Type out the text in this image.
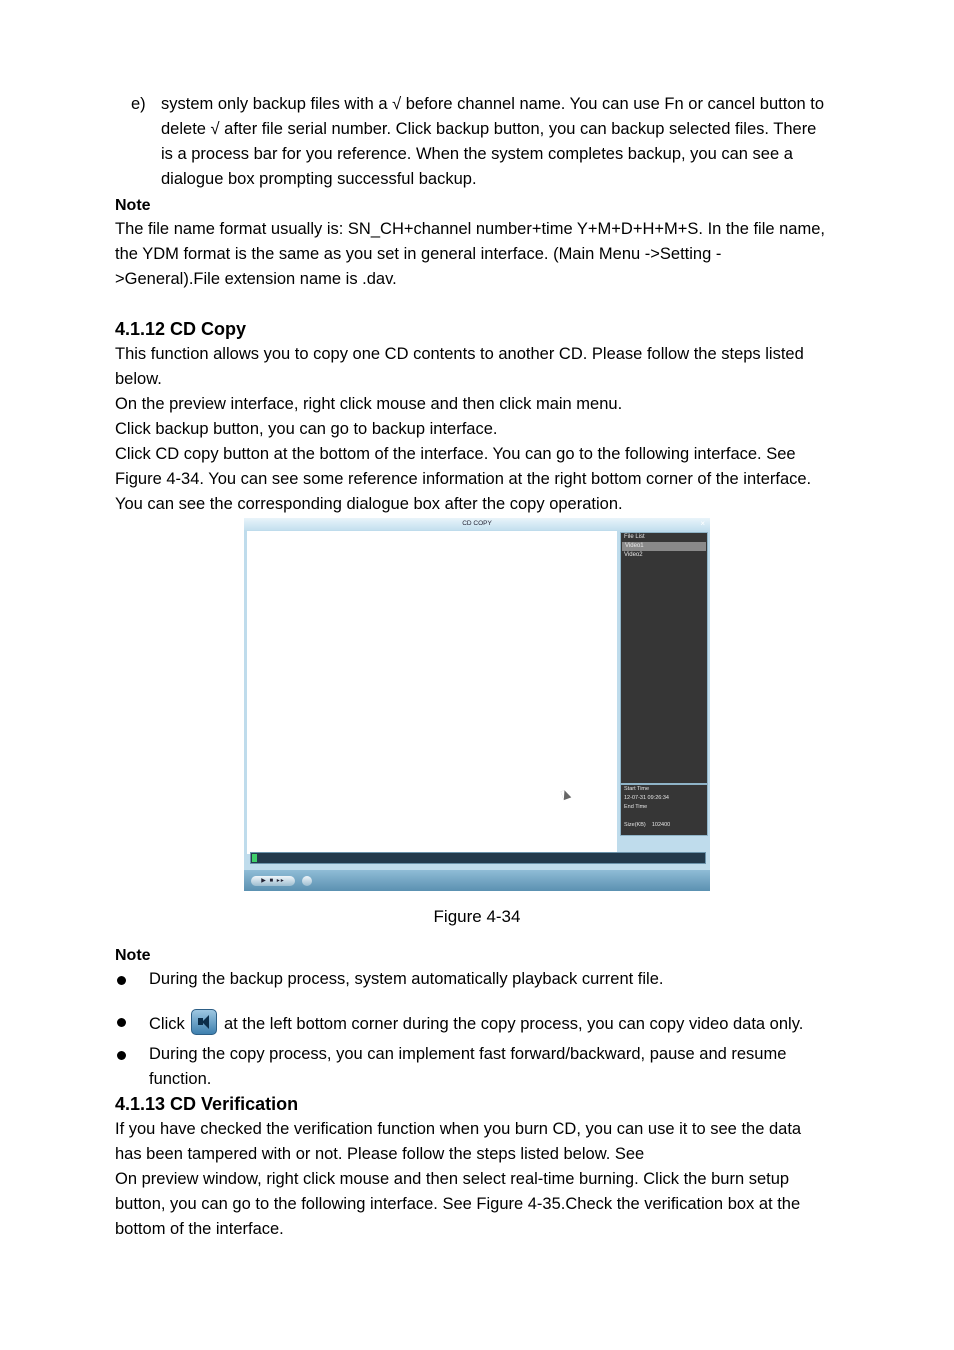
e) system only backup files with a √ before channel name. You can use Fn or cancel button to delete √ after file serial number. Click backup button, you can backup selected files. There is a process bar for you reference. When the system completes backup, you can see a dialogue box prompting successful backup.
Note

The file name format usually is: SN_CH+channel number+time Y+M+D+H+M+S. In the file name, the YDM format is the same as you set in general interface. (Main Menu ->Setting ->General).File extension name is .dav.

4.1.12 CD Copy

This function allows you to copy one CD contents to another CD. Please follow the steps listed below.

On the preview interface, right click mouse and then click main menu.

Click backup button, you can go to backup interface.

Click CD copy button at the bottom of the interface. You can go to the following interface. See Figure 4-34. You can see some reference information at the right bottom corner of the interface. You can see the corresponding dialogue box after the copy operation.

CD COPY	×
File List
Video1
Video2
Start Time
12-07-31 09:26:34
End Time
Size(KB) 102400
▶ ■ ▸▸
Figure 4-34
Note
During the backup process, system automatically playback current file.
Click at the left bottom corner during the copy process, you can copy video data only.
During the copy process, you can implement fast forward/backward, pause and resume function.
4.1.13 CD Verification

If you have checked the verification function when you burn CD, you can use it to see the data has been tampered with or not. Please follow the steps listed below. See

On preview window, right click mouse and then select real-time burning. Click the burn setup button, you can go to the following interface. See Figure 4-35.Check the verification box at the bottom of the interface.
